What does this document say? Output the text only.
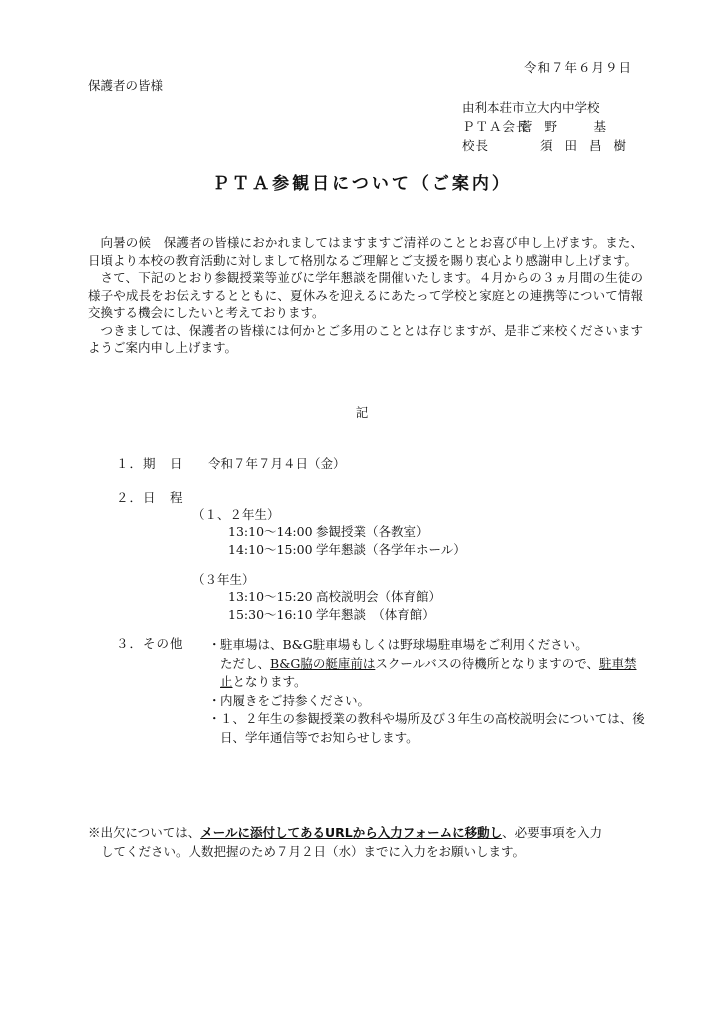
令和７年６月９日
保護者の皆様
由利本荘市立大内中学校
ＰＴＡ会長
菅野　基
校長	須田昌樹
ＰＴＡ参観日について（ご案内）

向暑の候　保護者の皆様におかれましてはますますご清祥のこととお喜び申し上げます。また、日頃より本校の教育活動に対しまして格別なるご理解とご支援を賜り衷心より感謝申し上げます。

さて、下記のとおり参観授業等並びに学年懇談を開催いたします。４月からの３ヵ月間の生徒の様子や成長をお伝えするとともに、夏休みを迎えるにあたって学校と家庭との連携等について情報交換する機会にしたいと考えております。

つきましては、保護者の皆様には何かとご多用のこととは存じますが、是非ご来校くださいますようご案内申し上げます。

記
１．期　日 令和７年７月４日（金）
２．日　程
（１、２年生）
13:10～14:00 参観授業（各教室）
14:10～15:00 学年懇談（各学年ホール）
（３年生）
13:10～15:20 高校説明会（体育館）
15:30～16:10 学年懇談　（体育館）
３．その他 ・ 駐車場は、B&G駐車場もしくは野球場駐車場をご利用ください。
ただし、B&G脇の艇庫前はスクールバスの待機所となりますので、駐車禁止となります。
・ 内履きをご持参ください。
・ １、２年生の参観授業の教科や場所及び３年生の高校説明会については、後日、学年通信等でお知らせします。
※出欠については、メールに添付してあるURLから入力フォームに移動し、必要事項を入力
してください。人数把握のため７月２日（水）までに入力をお願いします。
